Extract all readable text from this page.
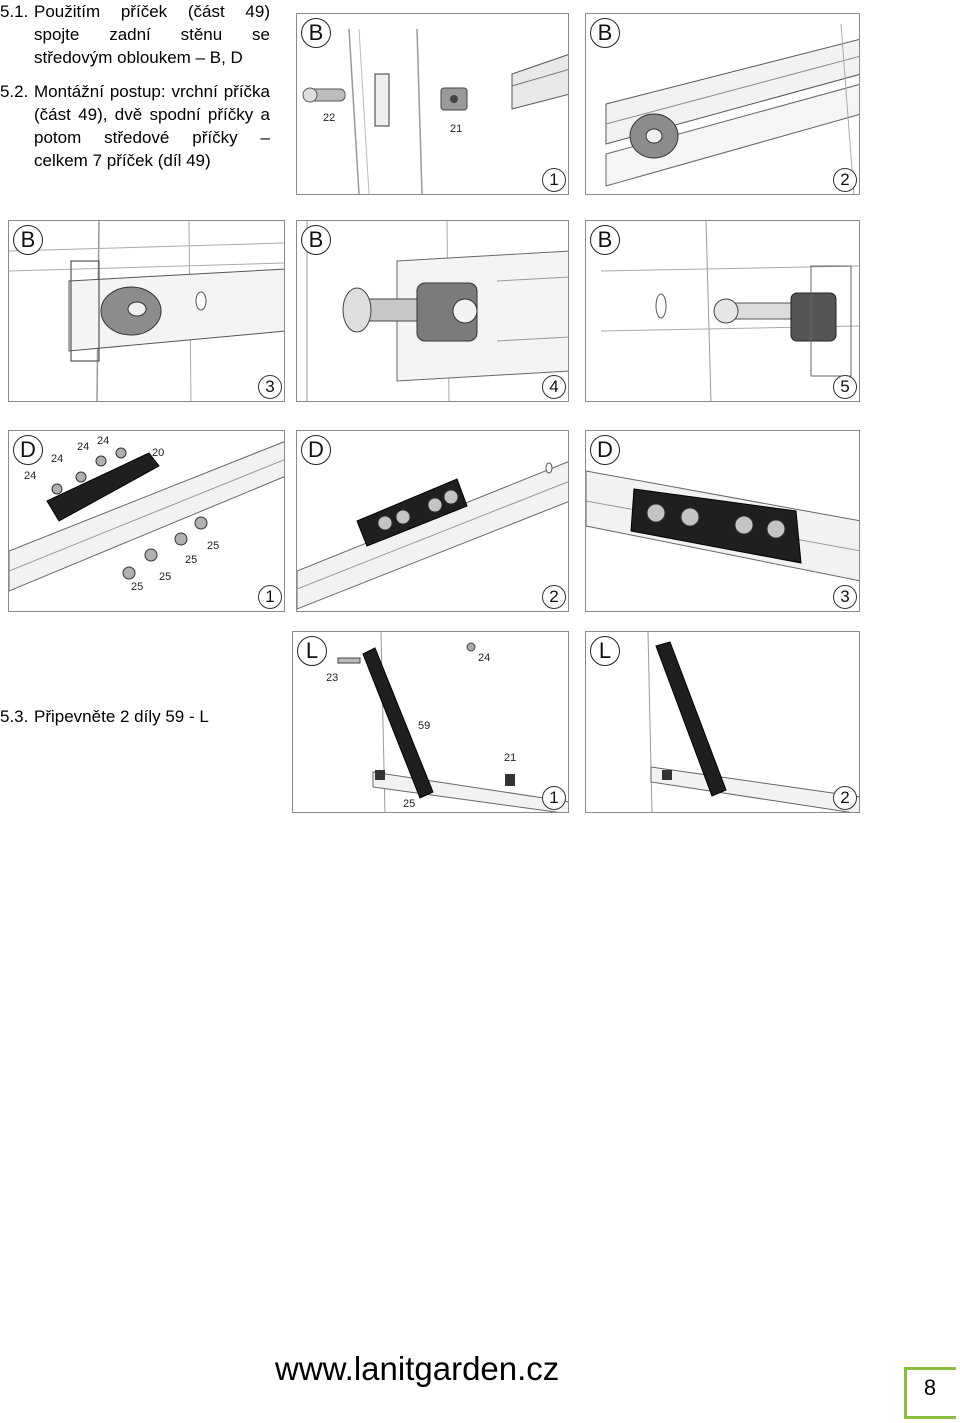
5.1. Použitím příček (část 49) spojte zadní stěnu se středovým obloukem – B, D
5.2. Montážní postup: vrchní příčka (část 49), dvě spodní příčky a potom středové příčky – celkem 7 příček (díl 49)
5.3. Připevněte 2 díly 59 - L
B
22
21
1
B
2
B
3
B
4
B
5
D
24
24
24 24
20
25
25
25
25
1
D
2
D
3
L
23
24
59
21
25	1
L
2
www.lanitgarden.cz
8
